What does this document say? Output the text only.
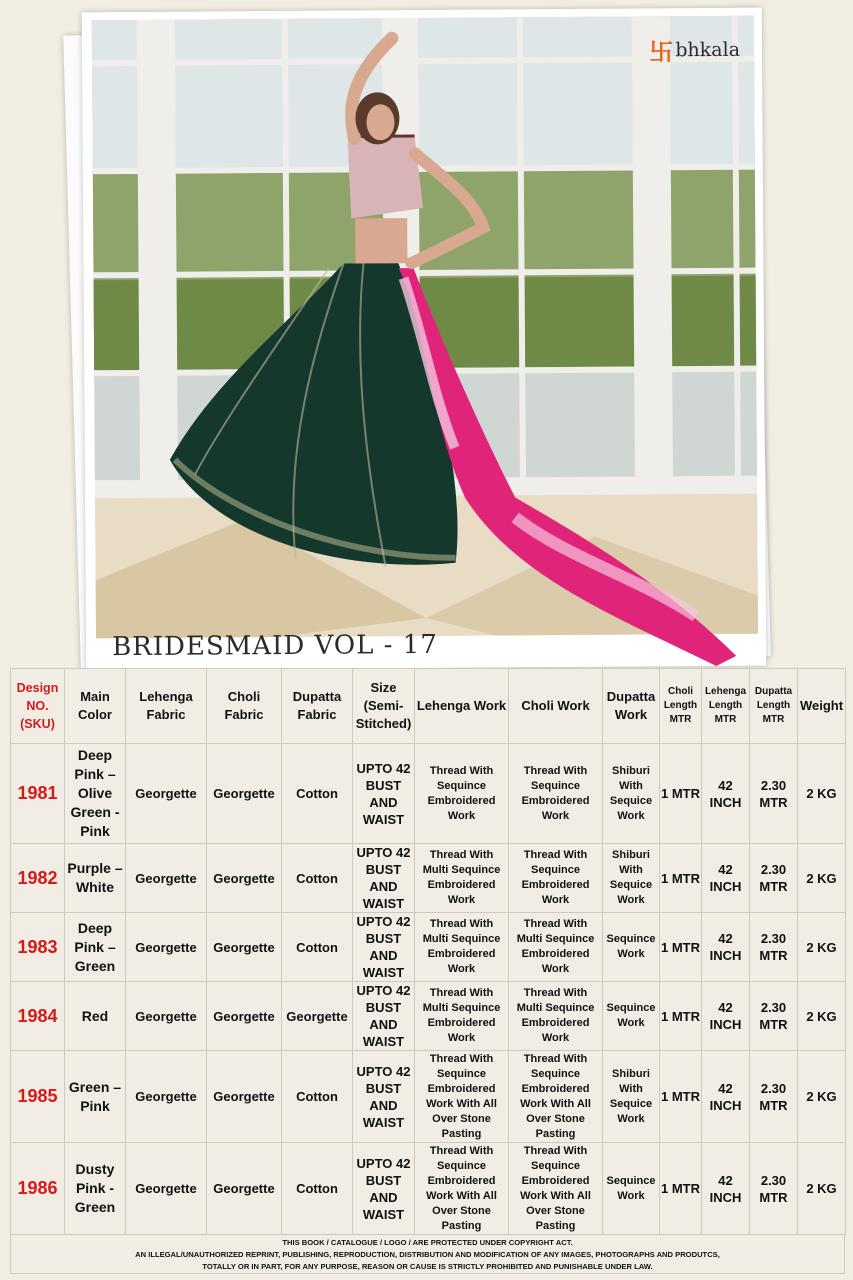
卐 bhkala
BRIDESMAID VOL - 17
Design NO. (SKU)	Main Color	Lehenga Fabric	Choli Fabric	Dupatta Fabric	Size (Semi-Stitched)	Lehenga Work	Choli Work	Dupatta Work	Choli Length MTR	Lehenga Length MTR	Dupatta Length MTR	Weight
1981	Deep Pink – Olive Green - Pink	Georgette	Georgette	Cotton	UPTO 42 BUST AND WAIST	Thread With Sequince Embroidered Work	Thread With Sequince Embroidered Work	Shiburi With Sequice Work	1 MTR	42 INCH	2.30 MTR	2 KG
1982	Purple – White	Georgette	Georgette	Cotton	UPTO 42 BUST AND WAIST	Thread With Multi Sequince Embroidered Work	Thread With Sequince Embroidered Work	Shiburi With Sequice Work	1 MTR	42 INCH	2.30 MTR	2 KG
1983	Deep Pink – Green	Georgette	Georgette	Cotton	UPTO 42 BUST AND WAIST	Thread With Multi Sequince Embroidered Work	Thread With Multi Sequince Embroidered Work	Sequince Work	1 MTR	42 INCH	2.30 MTR	2 KG
1984	Red	Georgette	Georgette	Georgette	UPTO 42 BUST AND WAIST	Thread With Multi Sequince Embroidered Work	Thread With Multi Sequince Embroidered Work	Sequince Work	1 MTR	42 INCH	2.30 MTR	2 KG
1985	Green – Pink	Georgette	Georgette	Cotton	UPTO 42 BUST AND WAIST	Thread With Sequince Embroidered Work With All Over Stone Pasting	Thread With Sequince Embroidered Work With All Over Stone Pasting	Shiburi With Sequice Work	1 MTR	42 INCH	2.30 MTR	2 KG
1986	Dusty Pink - Green	Georgette	Georgette	Cotton	UPTO 42 BUST AND WAIST	Thread With Sequince Embroidered Work With All Over Stone Pasting	Thread With Sequince Embroidered Work With All Over Stone Pasting	Sequince Work	1 MTR	42 INCH	2.30 MTR	2 KG
THIS BOOK / CATALOGUE / LOGO / ARE PROTECTED UNDER COPYRIGHT ACT.
AN ILLEGAL/UNAUTHORIZED REPRINT, PUBLISHING, REPRODUCTION, DISTRIBUTION AND MODIFICATION OF ANY IMAGES, PHOTOGRAPHS AND PRODUTCS,
TOTALLY OR IN PART, FOR ANY PURPOSE, REASON OR CAUSE IS STRICTLY PROHIBITED AND PUNISHABLE UNDER LAW.
